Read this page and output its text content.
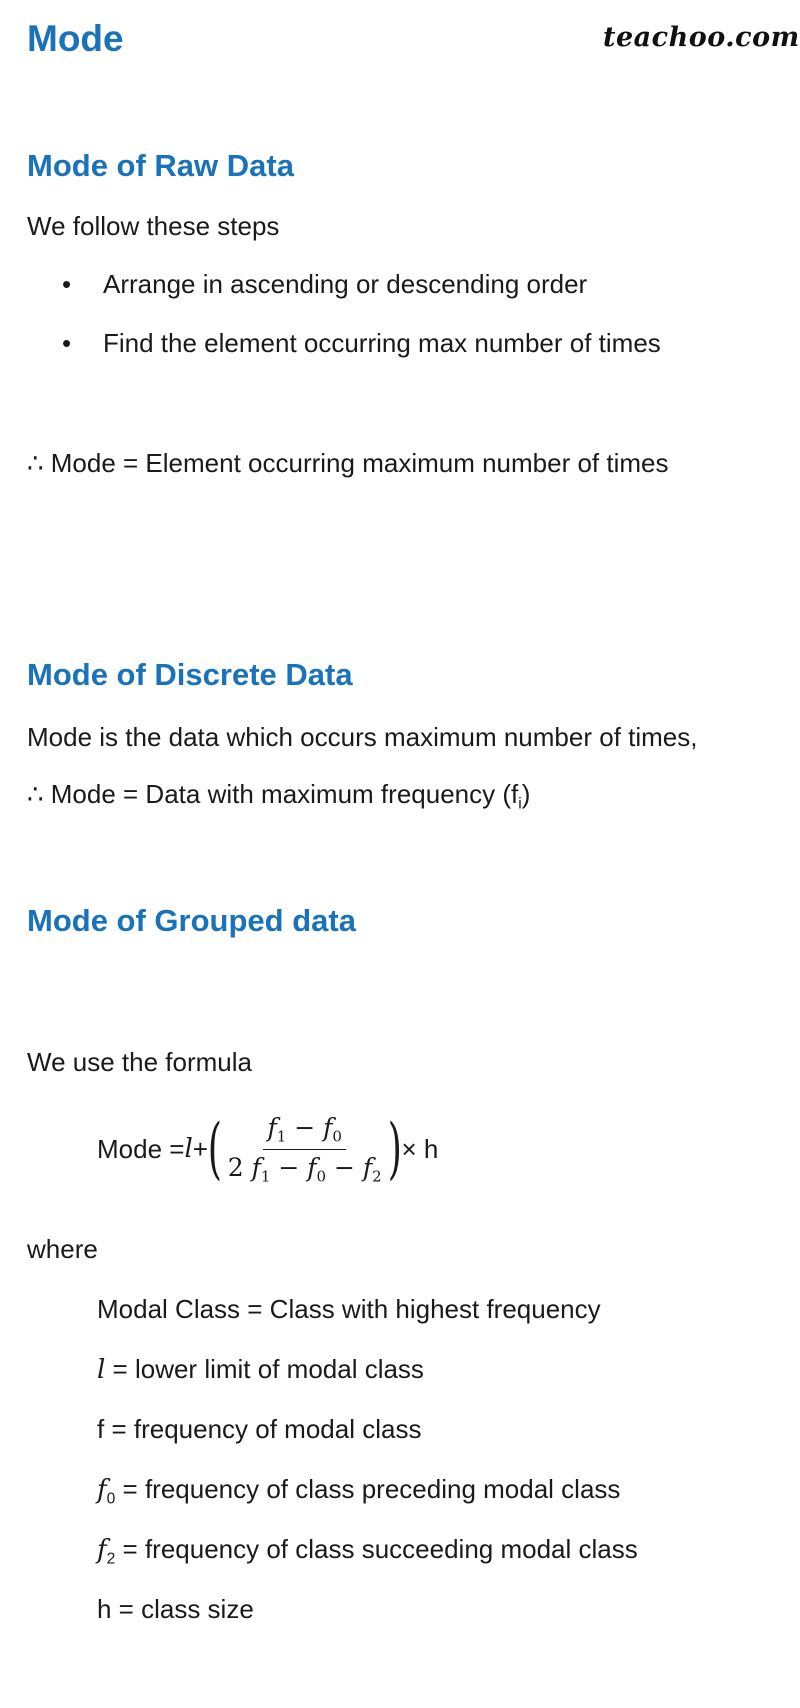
Mode	teachoo.com
Mode of Raw Data
We follow these steps
• Arrange in ascending or descending order
• Find the element occurring max number of times
∴ Mode = Element occurring maximum number of times
Mode of Discrete Data
Mode is the data which occurs maximum number of times,
∴ Mode = Data with maximum frequency $(f_i)$
Mode of Grouped data
We use the formula
Mode = l + ( $\frac{f_1 - f_0}{2 f_1 - f_0 - f_2}$ ) × h
where
Modal Class = Class with highest frequency
l = lower limit of modal class
f = frequency of modal class
$f_0$ = frequency of class preceding modal class
$f_2$ = frequency of class succeeding modal class
h = class size
